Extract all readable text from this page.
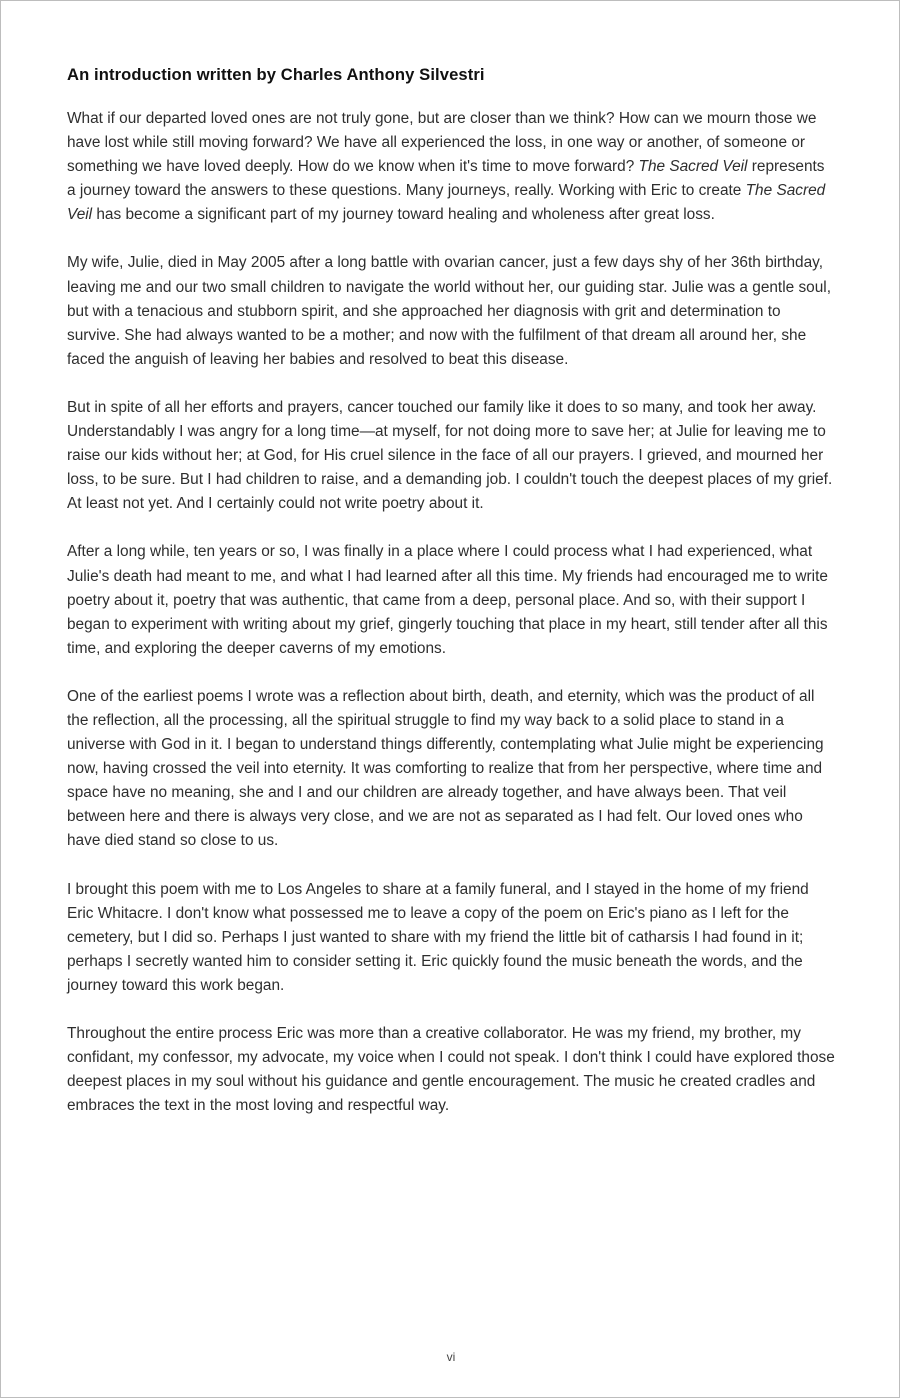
An introduction written by Charles Anthony Silvestri

What if our departed loved ones are not truly gone, but are closer than we think? How can we mourn those we have lost while still moving forward? We have all experienced the loss, in one way or another, of someone or something we have loved deeply. How do we know when it's time to move forward? The Sacred Veil represents a journey toward the answers to these questions. Many journeys, really. Working with Eric to create The Sacred Veil has become a significant part of my journey toward healing and wholeness after great loss.

My wife, Julie, died in May 2005 after a long battle with ovarian cancer, just a few days shy of her 36th birthday, leaving me and our two small children to navigate the world without her, our guiding star. Julie was a gentle soul, but with a tenacious and stubborn spirit, and she approached her diagnosis with grit and determination to survive. She had always wanted to be a mother; and now with the fulfilment of that dream all around her, she faced the anguish of leaving her babies and resolved to beat this disease.

But in spite of all her efforts and prayers, cancer touched our family like it does to so many, and took her away. Understandably I was angry for a long time—at myself, for not doing more to save her; at Julie for leaving me to raise our kids without her; at God, for His cruel silence in the face of all our prayers. I grieved, and mourned her loss, to be sure. But I had children to raise, and a demanding job. I couldn't touch the deepest places of my grief. At least not yet. And I certainly could not write poetry about it.

After a long while, ten years or so, I was finally in a place where I could process what I had experienced, what Julie's death had meant to me, and what I had learned after all this time. My friends had encouraged me to write poetry about it, poetry that was authentic, that came from a deep, personal place. And so, with their support I began to experiment with writing about my grief, gingerly touching that place in my heart, still tender after all this time, and exploring the deeper caverns of my emotions.

One of the earliest poems I wrote was a reflection about birth, death, and eternity, which was the product of all the reflection, all the processing, all the spiritual struggle to find my way back to a solid place to stand in a universe with God in it. I began to understand things differently, contemplating what Julie might be experiencing now, having crossed the veil into eternity. It was comforting to realize that from her perspective, where time and space have no meaning, she and I and our children are already together, and have always been. That veil between here and there is always very close, and we are not as separated as I had felt. Our loved ones who have died stand so close to us.

I brought this poem with me to Los Angeles to share at a family funeral, and I stayed in the home of my friend Eric Whitacre. I don't know what possessed me to leave a copy of the poem on Eric's piano as I left for the cemetery, but I did so. Perhaps I just wanted to share with my friend the little bit of catharsis I had found in it; perhaps I secretly wanted him to consider setting it. Eric quickly found the music beneath the words, and the journey toward this work began.

Throughout the entire process Eric was more than a creative collaborator. He was my friend, my brother, my confidant, my confessor, my advocate, my voice when I could not speak. I don't think I could have explored those deepest places in my soul without his guidance and gentle encouragement. The music he created cradles and embraces the text in the most loving and respectful way.

vi
